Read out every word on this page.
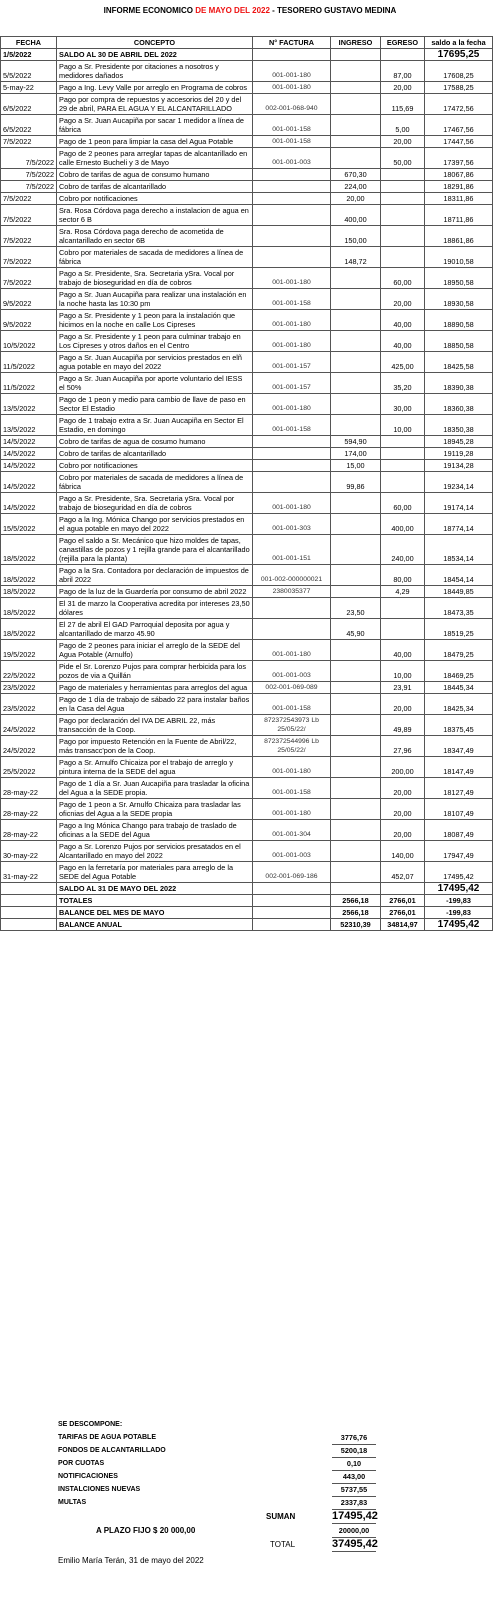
INFORME ECONOMICO DE MAYO DEL 2022 - TESORERO GUSTAVO MEDINA
FECHA	CONCEPTO	N° FACTURA	INGRESO	EGRESO	saldo a la fecha
1/5/2022	SALDO AL 30 DE ABRIL DEL 2022				17695,25
5/5/2022	Pago a Sr. Presidente por citaciones a nosotros y medidores dañados	001-001-180		87,00	17608,25
5-may-22	Pago a Ing. Levy Valle por arreglo en Programa de cobros	001-001-180		20,00	17588,25
6/5/2022	Pago por compra de repuestos y accesorios del 20 y del 29 de abril, PARA EL AGUA Y EL ALCANTARILLADO	002-001-068-940		115,69	17472,56
6/5/2022	Pago a Sr. Juan Aucapiña por sacar 1 medidor a línea de fábrica	001-001-158		5,00	17467,56
7/5/2022	Pago de 1 peon para limpiar la casa del Agua Potable	001-001-158		20,00	17447,56
7/5/2022	Pago de 2 peones para arreglar tapas de alcantarillado en calle Ernesto Bucheli y 3 de Mayo	001-001-003		50,00	17397,56
7/5/2022	Cobro de tarifas de agua de consumo humano		670,30		18067,86
7/5/2022	Cobro de tarifas de alcantarillado		224,00		18291,86
7/5/2022	Cobro por notificaciones		20,00		18311,86
7/5/2022	Sra. Rosa Córdova paga derecho a instalacion de agua en sector 6 B		400,00		18711,86
7/5/2022	Sra. Rosa Córdova paga derecho de acometida de alcantarillado en sector 6B		150,00		18861,86
7/5/2022	Cobro por materiales de sacada de medidores a línea de fábrica		148,72		19010,58
7/5/2022	Pago a Sr. Presidente, Sra. Secretaria ySra. Vocal por trabajo de bioseguridad en día de cobros	001-001-180		60,00	18950,58
9/5/2022	Pago a Sr. Juan Aucapiña para realizar una instalación en la noche hasta las 10:30 pm	001-001-158		20,00	18930,58
9/5/2022	Pago a Sr. Presidente y 1 peon para la instalación que hicimos en la noche en calle Los Cipreses	001-001-180		40,00	18890,58
10/5/2022	Pago a Sr. Presidente y 1 peon para culminar trabajo en Los Cipreses y otros daños en el Centro	001-001-180		40,00	18850,58
11/5/2022	Pago a Sr. Juan Aucapiña por servicios prestados en elñ agua potable en mayo del 2022	001-001-157		425,00	18425,58
11/5/2022	Pago a Sr. Juan Aucapiña por aporte voluntario del IESS el 50%	001-001-157		35,20	18390,38
13/5/2022	Pago de 1 peon y medio para cambio de llave de paso en Sector El Estadio	001-001-180		30,00	18360,38
13/5/2022	Pago de 1 trabajo extra a Sr. Juan Aucapiña en Sector El Estadio, en domingo	001-001-158		10,00	18350,38
14/5/2022	Cobro de tarifas de agua de cosumo humano		594,90		18945,28
14/5/2022	Cobro de tarifas de alcantarillado		174,00		19119,28
14/5/2022	Cobro por notificaciones		15,00		19134,28
14/5/2022	Cobro por materiales de sacada de medidores a línea de fábrica		99,86		19234,14
14/5/2022	Pago a Sr. Presidente, Sra. Secretaria ySra. Vocal por trabajo de bioseguridad en día de cobros	001-001-180		60,00	19174,14
15/5/2022	Pago a la Ing. Mónica Chango por servicios prestados en el agua potable en mayo del 2022	001-001-303		400,00	18774,14
18/5/2022	Pago el saldo a Sr. Mecánico que hizo moldes de tapas, canastillas de pozos y 1 rejilla grande para el alcantarillado (rejilla para la planta)	001-001-151		240,00	18534,14
18/5/2022	Pago a la Sra. Contadora por declaración de impuestos de abril 2022	001-002-000000021		80,00	18454,14
18/5/2022	Pago de la luz de la Guardería por consumo de abril 2022	2380035377		4,29	18449,85
18/5/2022	El 31 de marzo la Cooperativa acredita por intereses 23,50 dólares		23,50		18473,35
18/5/2022	El 27 de abril El GAD Parroquial deposita por agua y alcantarillado de marzo 45.90		45,90		18519,25
19/5/2022	Pago de 2 peones para iniciar el arreglo de la SEDE del Agua Potable (Arnulfo)	001-001-180		40,00	18479,25
22/5/2022	Pide el Sr. Lorenzo Pujos para comprar herbicida para los pozos de via a Quillán	001-001-003		10,00	18469,25
23/5/2022	Pago de materiales y herramientas para arreglos del agua	002-001-069-089		23,91	18445,34
23/5/2022	Pago de 1 día de trabajo de sábado 22 para instalar baños en la Casa del Agua	001-001-158		20,00	18425,34
24/5/2022	Pago por declaración del IVA DE ABRIL 22, más transacción de la Coop.	872372543973 Lb 25/05/22/		49,89	18375,45
24/5/2022	Pago por impuesto Retención en la Fuente de Abril/22, más transacc'pon de la Coop.	872372544996 Lb 25/05/22/		27,96	18347,49
25/5/2022	Pago a Sr. Arnulfo Chicaiza por el trabajo de arreglo y pintura interna de la SEDE del agua	001-001-180		200,00	18147,49
28-may-22	Pago de 1 día a Sr. Juan Aucapiña para trasladar la oficina del Agua a la SEDE propia.	001-001-158		20,00	18127,49
28-may-22	Pago de 1 peon a Sr. Arnulfo Chicaiza para trasladar las oficnias del Agua a la SEDE propia	001-001-180		20,00	18107,49
28-may-22	Pago a Ing Mónica Chango para trabajo de traslado de oficinas a la SEDE del Agua	001-001-304		20,00	18087,49
30-may-22	Pago a Sr. Lorenzo Pujos por servicios presatados en el Alcantarillado en mayo del 2022	001-001-003		140,00	17947,49
31-may-22	Pago en la ferretaría por materiales para arreglo de la SEDE del Agua Potable	002-001-069-186		452,07	17495,42
	SALDO AL 31 DE MAYO DEL 2022				17495,42
	TOTALES		2566,18	2766,01	-199,83
	BALANCE DEL MES DE MAYO		2566,18	2766,01	-199,83
	BALANCE ANUAL		52310,39	34814,97	17495,42
SE DESCOMPONE:
TARIFAS DE AGUA POTABLE	3776,76
FONDOS DE ALCANTARILLADO	5200,18
POR CUOTAS	0,10
NOTIFICACIONES	443,00
INSTALCIONES NUEVAS	5737,55
MULTAS	2337,83
SUMAN	17495,42
A PLAZO FIJO $ 20 000,00	20000,00
TOTAL	37495,42
Emilio María Terán, 31 de mayo del 2022
